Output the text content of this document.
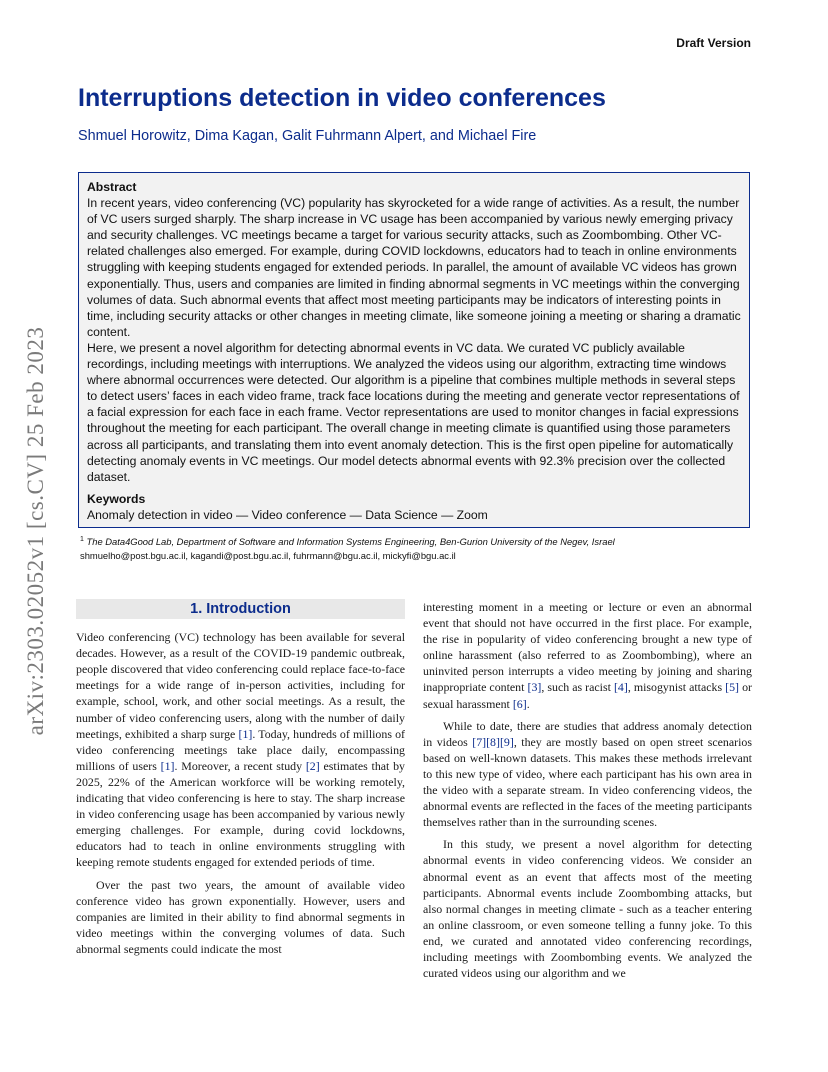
Draft Version
arXiv:2303.02052v1 [cs.CV] 25 Feb 2023
Interruptions detection in video conferences
Shmuel Horowitz, Dima Kagan, Galit Fuhrmann Alpert, and Michael Fire
Abstract

In recent years, video conferencing (VC) popularity has skyrocketed for a wide range of activities. As a result, the number of VC users surged sharply. The sharp increase in VC usage has been accompanied by various newly emerging privacy and security challenges. VC meetings became a target for various security attacks, such as Zoombombing. Other VC-related challenges also emerged. For example, during COVID lockdowns, educators had to teach in online environments struggling with keeping students engaged for extended periods. In parallel, the amount of available VC videos has grown exponentially. Thus, users and companies are limited in finding abnormal segments in VC meetings within the converging volumes of data. Such abnormal events that affect most meeting participants may be indicators of interesting points in time, including security attacks or other changes in meeting climate, like someone joining a meeting or sharing a dramatic content.

Here, we present a novel algorithm for detecting abnormal events in VC data. We curated VC publicly available recordings, including meetings with interruptions. We analyzed the videos using our algorithm, extracting time windows where abnormal occurrences were detected. Our algorithm is a pipeline that combines multiple methods in several steps to detect users’ faces in each video frame, track face locations during the meeting and generate vector representations of a facial expression for each face in each frame. Vector representations are used to monitor changes in facial expressions throughout the meeting for each participant. The overall change in meeting climate is quantified using those parameters across all participants, and translating them into event anomaly detection. This is the first open pipeline for automatically detecting anomaly events in VC meetings. Our model detects abnormal events with 92.3% precision over the collected dataset.

Keywords
Anomaly detection in video — Video conference — Data Science — Zoom
$^1$ The Data4Good Lab, Department of Software and Information Systems Engineering, Ben-Gurion University of the Negev, Israel
shmuelho@post.bgu.ac.il, kagandi@post.bgu.ac.il, fuhrmann@bgu.ac.il, mickyfi@bgu.ac.il
1. Introduction

Video conferencing (VC) technology has been available for several decades. However, as a result of the COVID-19 pandemic outbreak, people discovered that video conferencing could replace face-to-face meetings for a wide range of in-person activities, including for example, school, work, and other social meetings. As a result, the number of video conferencing users, along with the number of daily meetings, exhibited a sharp surge [1]. Today, hundreds of millions of video conferencing meetings take place daily, encompassing millions of users [1]. Moreover, a recent study [2] estimates that by 2025, 22% of the American workforce will be working remotely, indicating that video conferencing is here to stay. The sharp increase in video conferencing usage has been accompanied by various newly emerging challenges. For example, during covid lockdowns, educators had to teach in online environments struggling with keeping remote students engaged for extended periods of time.

Over the past two years, the amount of available video conference video has grown exponentially. However, users and companies are limited in their ability to find abnormal segments in video meetings within the converging volumes of data. Such abnormal segments could indicate the most

interesting moment in a meeting or lecture or even an abnormal event that should not have occurred in the first place. For example, the rise in popularity of video conferencing brought a new type of online harassment (also referred to as Zoombombing), where an uninvited person interrupts a video meeting by joining and sharing inappropriate content [3], such as racist [4], misogynist attacks [5] or sexual harassment [6].

While to date, there are studies that address anomaly detection in videos [7][8][9], they are mostly based on open street scenarios based on well-known datasets. This makes these methods irrelevant to this new type of video, where each participant has his own area in the video with a separate stream. In video conferencing videos, the abnormal events are reflected in the faces of the meeting participants themselves rather than in the surrounding scenes.

In this study, we present a novel algorithm for detecting abnormal events in video conferencing videos. We consider an abnormal event as an event that affects most of the meeting participants. Abnormal events include Zoombombing attacks, but also normal changes in meeting climate - such as a teacher entering an online classroom, or even someone telling a funny joke. To this end, we curated and annotated video conferencing recordings, including meetings with Zoombombing events. We analyzed the curated videos using our algorithm and we
